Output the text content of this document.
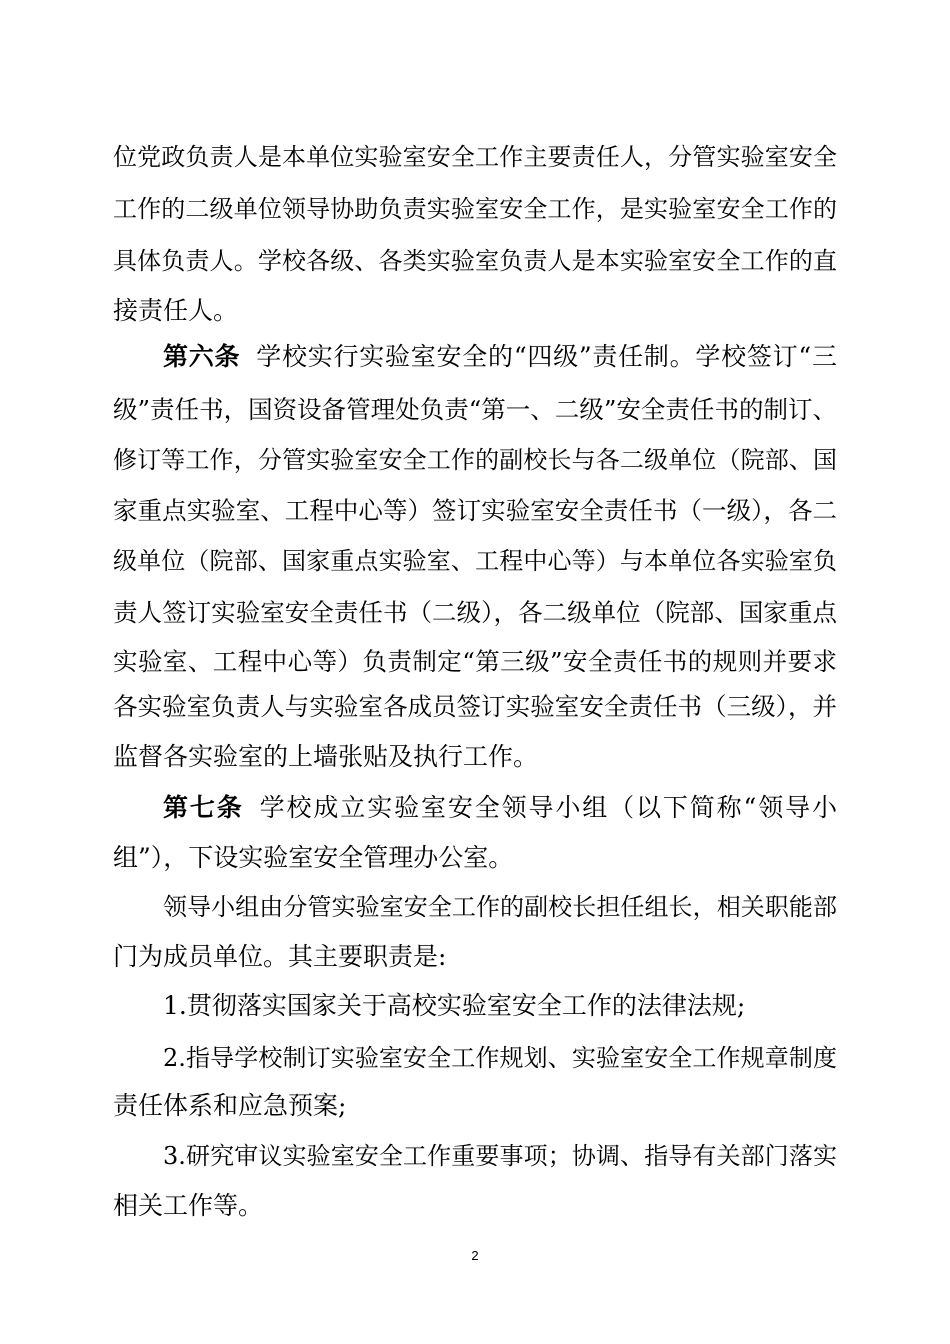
位党政负责人是本单位实验室安全工作主要责任人，分管实验室安全
工作的二级单位领导协助负责实验室安全工作，是实验室安全工作的
具体负责人。学校各级、各类实验室负责人是本实验室安全工作的直
接责任人。
第六条 学校实行实验室安全的“四级”责任制。学校签订“三
级”责任书，国资设备管理处负责“第一、二级”安全责任书的制订、
修订等工作，分管实验室安全工作的副校长与各二级单位（院部、国
家重点实验室、工程中心等）签订实验室安全责任书（一级），各二
级单位（院部、国家重点实验室、工程中心等）与本单位各实验室负
责人签订实验室安全责任书（二级），各二级单位（院部、国家重点
实验室、工程中心等）负责制定“第三级”安全责任书的规则并要求
各实验室负责人与实验室各成员签订实验室安全责任书（三级），并
监督各实验室的上墙张贴及执行工作。
第七条 学校成立实验室安全领导小组（以下简称“领导小
组”），下设实验室安全管理办公室。
领导小组由分管实验室安全工作的副校长担任组长，相关职能部
门为成员单位。其主要职责是:
1.贯彻落实国家关于高校实验室安全工作的法律法规;
2.指导学校制订实验室安全工作规划、实验室安全工作规章制度
责任体系和应急预案;
3.研究审议实验室安全工作重要事项；协调、指导有关部门落实
相关工作等。
2
